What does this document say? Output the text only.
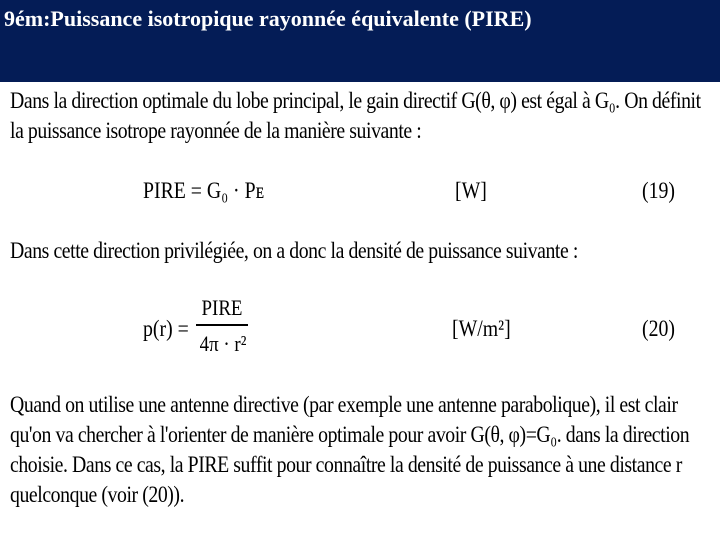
9ém:Puissance isotropique rayonnée équivalente (PIRE)
Dans la direction optimale du lobe principal, le gain directif G(θ, φ) est égal à G₀. On définit
la puissance isotrope rayonnée de la manière suivante :
PIRE = G₀ · Pᴇ	[W]	(19)
Dans cette direction privilégiée, on a donc la densité de puissance suivante :
p(r) =
PIRE
4π · r²
[W/m²]	(20)
Quand on utilise une antenne directive (par exemple une antenne parabolique), il est clair
qu'on va chercher à l'orienter de manière optimale pour avoir G(θ, φ)=G₀. dans la direction
choisie. Dans ce cas, la PIRE suffit pour connaître la densité de puissance à une distance r
quelconque (voir (20)).
